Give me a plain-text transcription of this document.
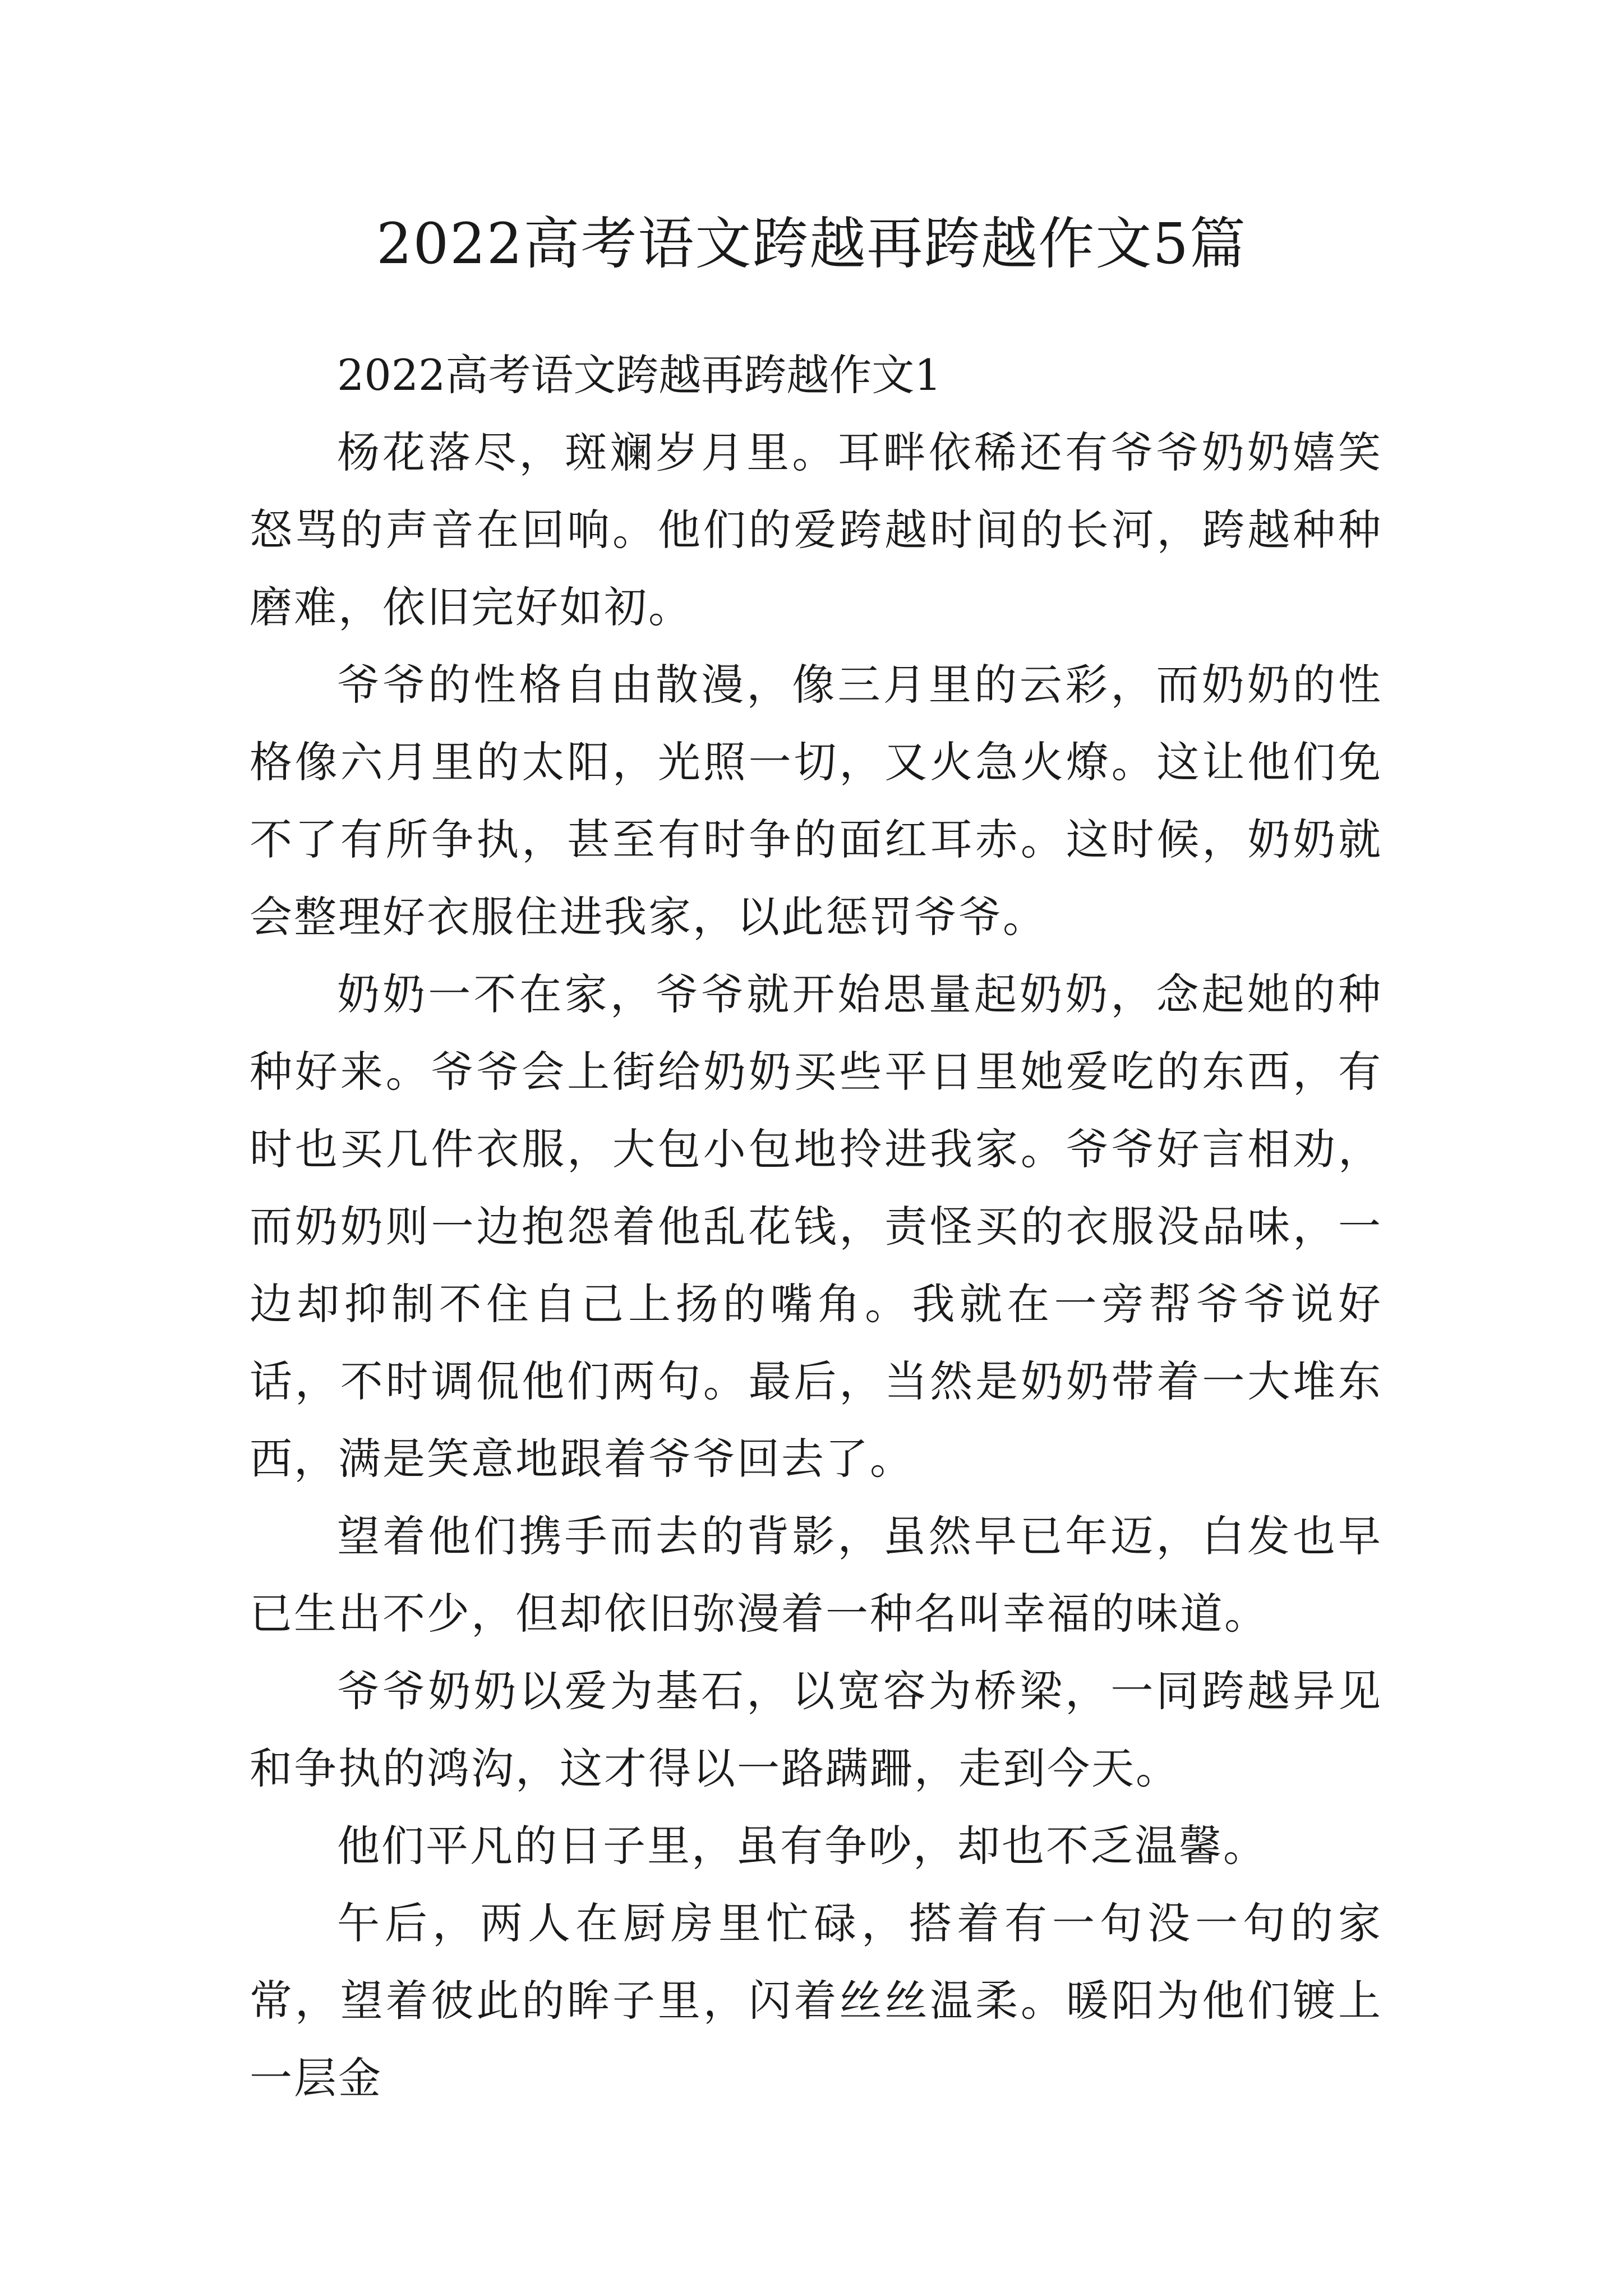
2022高考语文跨越再跨越作文5篇

2022高考语文跨越再跨越作文1

杨花落尽，斑斓岁月里。耳畔依稀还有爷爷奶奶嬉笑怒骂的声音在回响。他们的爱跨越时间的长河，跨越种种磨难，依旧完好如初。

爷爷的性格自由散漫，像三月里的云彩，而奶奶的性格像六月里的太阳，光照一切，又火急火燎。这让他们免不了有所争执，甚至有时争的面红耳赤。这时候，奶奶就会整理好衣服住进我家，以此惩罚爷爷。

奶奶一不在家，爷爷就开始思量起奶奶，念起她的种种好来。爷爷会上街给奶奶买些平日里她爱吃的东西，有时也买几件衣服，大包小包地拎进我家。爷爷好言相劝，而奶奶则一边抱怨着他乱花钱，责怪买的衣服没品味，一边却抑制不住自己上扬的嘴角。我就在一旁帮爷爷说好话，不时调侃他们两句。最后，当然是奶奶带着一大堆东西，满是笑意地跟着爷爷回去了。

望着他们携手而去的背影，虽然早已年迈，白发也早已生出不少，但却依旧弥漫着一种名叫幸福的味道。

爷爷奶奶以爱为基石，以宽容为桥梁，一同跨越异见和争执的鸿沟，这才得以一路蹒跚，走到今天。

他们平凡的日子里，虽有争吵，却也不乏温馨。

午后，两人在厨房里忙碌，搭着有一句没一句的家常，望着彼此的眸子里，闪着丝丝温柔。暖阳为他们镀上一层金
